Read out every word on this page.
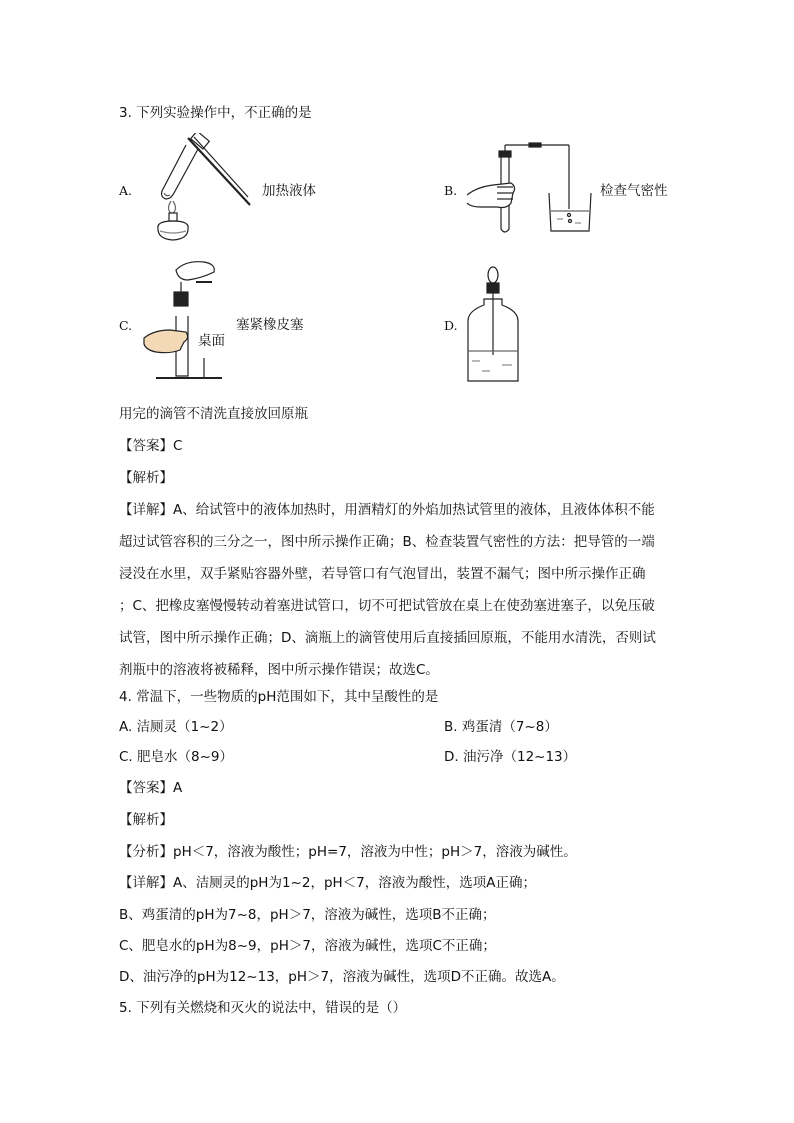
3. 下列实验操作中，不正确的是
A.	加热液体	B.	检查气密性
C.	塞紧橡皮塞
桌面
D.
用完的滴管不清洗直接放回原瓶
【答案】C
【解析】
【详解】A、给试管中的液体加热时，用酒精灯的外焰加热试管里的液体，且液体体积不能
超过试管容积的三分之一，图中所示操作正确；B、检查装置气密性的方法：把导管的一端
浸没在水里，双手紧贴容器外壁，若导管口有气泡冒出，装置不漏气；图中所示操作正确
；C、把橡皮塞慢慢转动着塞进试管口，切不可把试管放在桌上在使劲塞进塞子，以免压破
试管，图中所示操作正确；D、滴瓶上的滴管使用后直接插回原瓶，不能用水清洗，否则试
剂瓶中的溶液将被稀释，图中所示操作错误；故选C。
4. 常温下，一些物质的pH范围如下，其中呈酸性的是
A. 洁厕灵（1~2）	B. 鸡蛋清（7~8）
C. 肥皂水（8~9）	D. 油污净（12~13）
【答案】A
【解析】
【分析】pH＜7，溶液为酸性；pH=7，溶液为中性；pH＞7，溶液为碱性。
【详解】A、洁厕灵的pH为1~2，pH＜7，溶液为酸性，选项A正确；
B、鸡蛋清的pH为7~8，pH＞7，溶液为碱性，选项B不正确；
C、肥皂水的pH为8~9，pH＞7，溶液为碱性，选项C不正确；
D、油污净的pH为12~13，pH＞7，溶液为碱性，选项D不正确。故选A。
5. 下列有关燃烧和灭火的说法中，错误的是（）
